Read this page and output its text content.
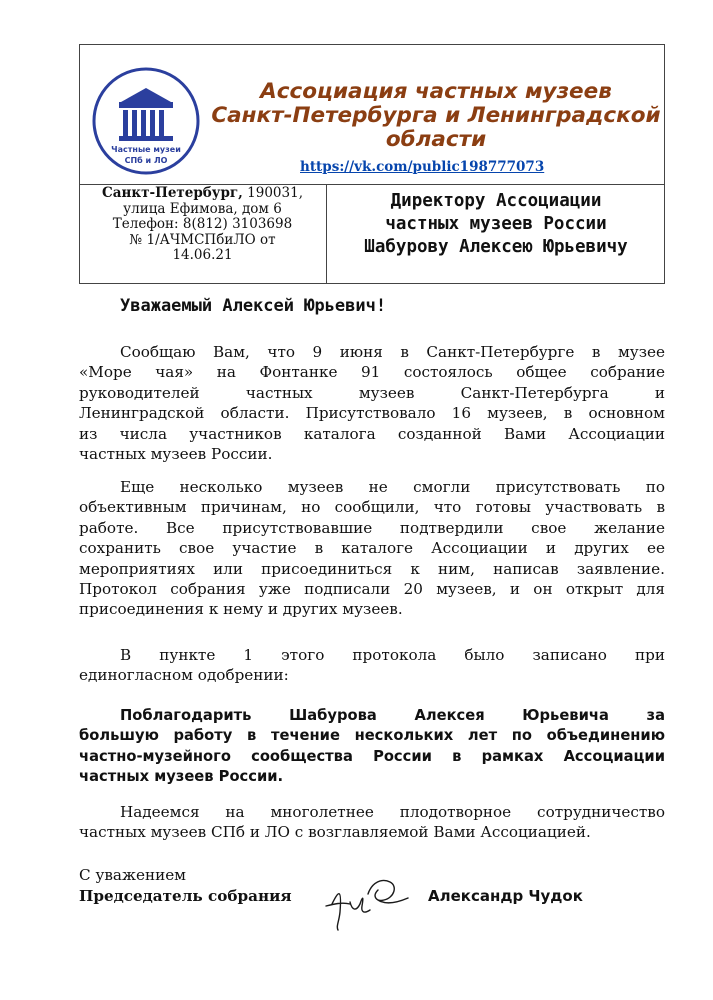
Частные музеи
СПб и ЛО
Ассоциация частных музеев
Санкт-Петербурга и Ленинградской
области
https://vk.com/public198777073
Санкт-Петербург, 190031,
улица Ефимова, дом 6
Телефон: 8(812) 3103698
№ 1/АЧМСПбиЛО от
14.06.21
Директору Ассоциации
частных музеев России
Шабурову Алексею Юрьевичу
Уважаемый Алексей Юрьевич!
Сообщаю Вам, что 9 июня в Санкт-Петербурге в музее
«Море чая» на Фонтанке 91 состоялось общее собрание
руководителей частных музеев Санкт-Петербурга и
Ленинградской области. Присутствовало 16 музеев, в основном
из числа участников каталога созданной Вами Ассоциации
частных музеев России.
Еще несколько музеев не смогли присутствовать по
объективным причинам, но сообщили, что готовы участвовать в
работе. Все присутствовавшие подтвердили свое желание
сохранить свое участие в каталоге Ассоциации и других ее
мероприятиях или присоединиться к ним, написав заявление.
Протокол собрания уже подписали 20 музеев, и он открыт для
присоединения к нему и других музеев.
В пункте 1 этого протокола было записано при
единогласном одобрении:
Поблагодарить Шабурова Алексея Юрьевича за
большую работу в течение нескольких лет по объединению
частно-музейного сообщества России в рамках Ассоциации
частных музеев России.
Надеемся на многолетнее плодотворное сотрудничество
частных музеев СПб и ЛО с возглавляемой Вами Ассоциацией.
С уважением
Председатель собрания	Александр Чудок
